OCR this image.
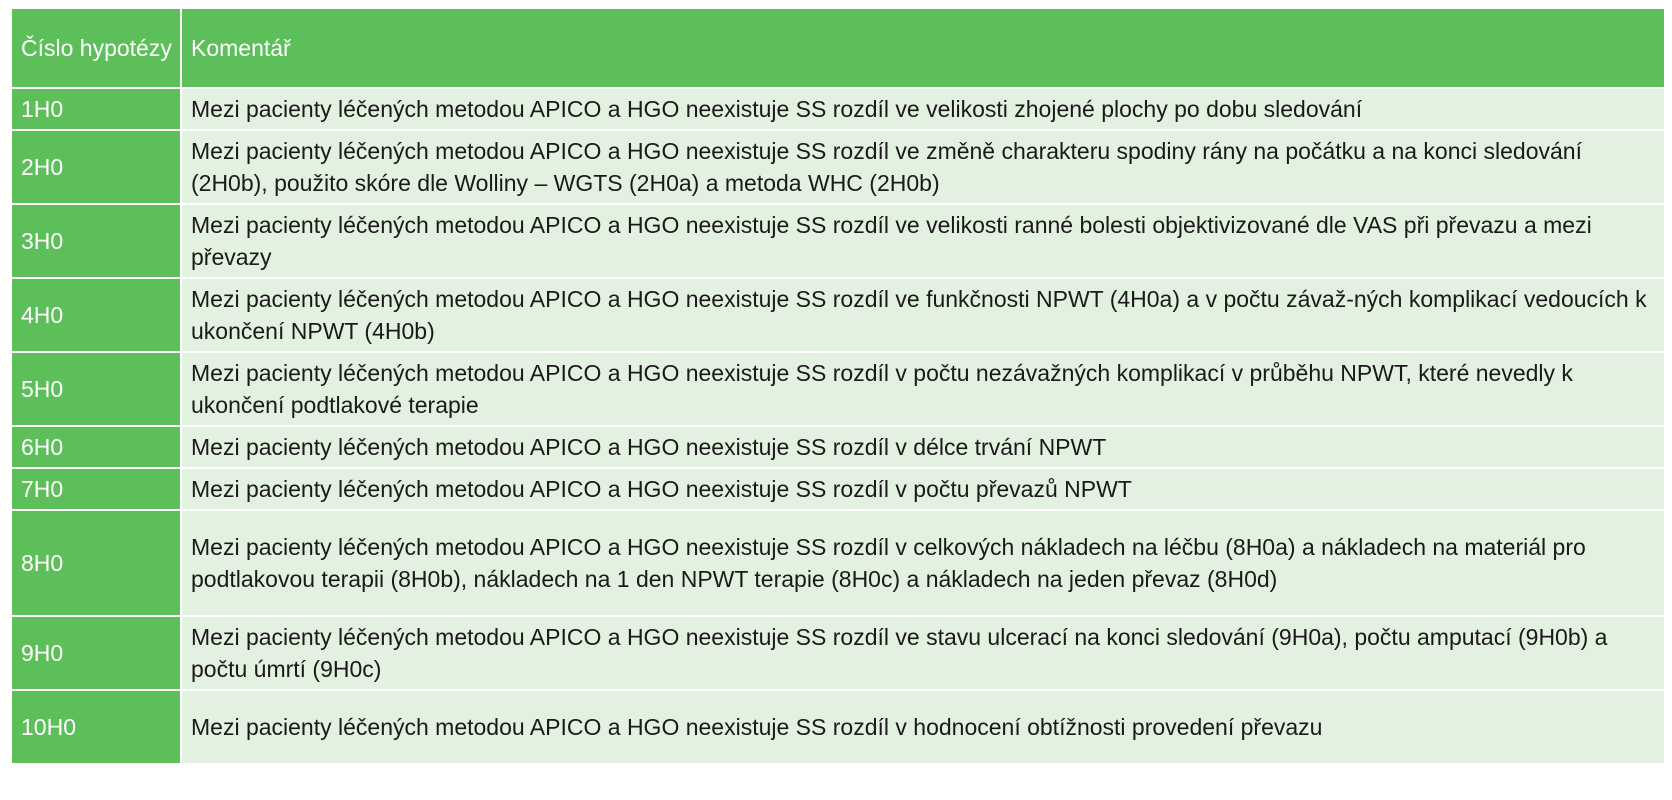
Číslo hypotézy	Komentář
1H0	Mezi pacienty léčených metodou APICO a HGO neexistuje SS rozdíl ve velikosti zhojené plochy po dobu sledování
2H0	Mezi pacienty léčených metodou APICO a HGO neexistuje SS rozdíl ve změně charakteru spodiny rány na počátku a na konci sledování (2H0b), použito skóre dle Wolliny – WGTS (2H0a) a metoda WHC (2H0b)
3H0	Mezi pacienty léčených metodou APICO a HGO neexistuje SS rozdíl ve velikosti ranné bolesti objektivizované dle VAS při převazu a mezi převazy
4H0	Mezi pacienty léčených metodou APICO a HGO neexistuje SS rozdíl ve funkčnosti NPWT (4H0a) a v počtu závaž-ných komplikací vedoucích k ukončení NPWT (4H0b)
5H0	Mezi pacienty léčených metodou APICO a HGO neexistuje SS rozdíl v počtu nezávažných komplikací v průběhu NPWT, které nevedly k ukončení podtlakové terapie
6H0	Mezi pacienty léčených metodou APICO a HGO neexistuje SS rozdíl v délce trvání NPWT
7H0	Mezi pacienty léčených metodou APICO a HGO neexistuje SS rozdíl v počtu převazů NPWT
8H0	Mezi pacienty léčených metodou APICO a HGO neexistuje SS rozdíl v celkových nákladech na léčbu (8H0a) a nákladech na materiál pro podtlakovou terapii (8H0b), nákladech na 1 den NPWT terapie (8H0c) a nákladech na jeden převaz (8H0d)
9H0	Mezi pacienty léčených metodou APICO a HGO neexistuje SS rozdíl ve stavu ulcerací na konci sledování (9H0a), počtu amputací (9H0b) a počtu úmrtí (9H0c)
10H0	Mezi pacienty léčených metodou APICO a HGO neexistuje SS rozdíl v hodnocení obtížnosti provedení převazu
